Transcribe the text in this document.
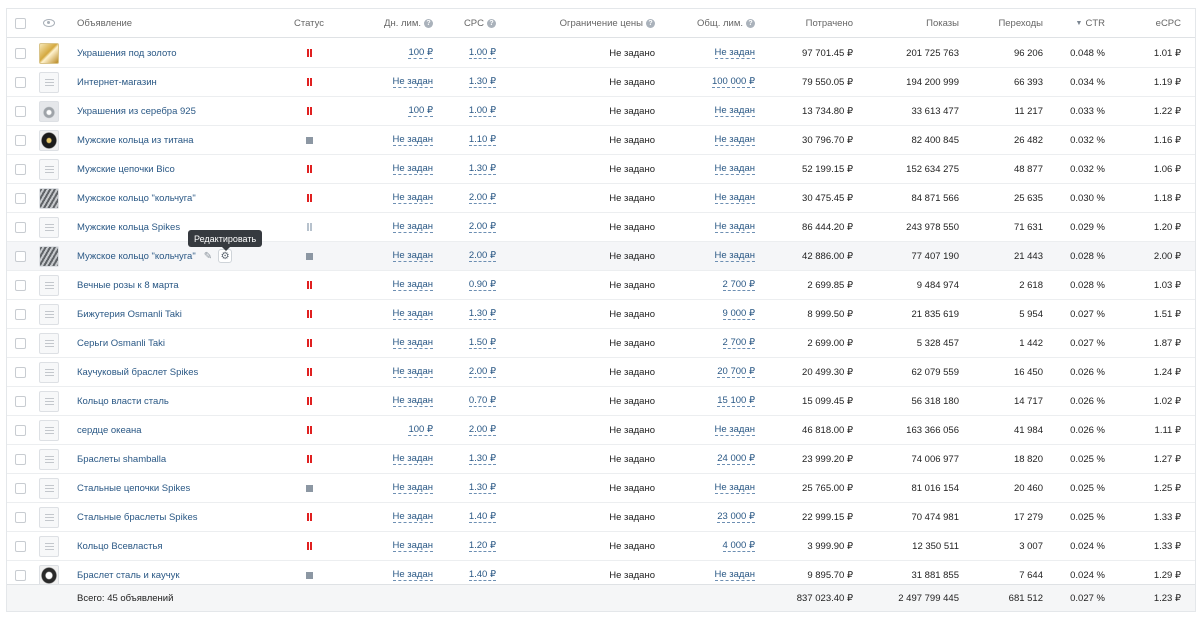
Объявление	Статус	Дн. лим. ?	CPC ?	Ограничение цены ?	Общ. лим. ?	Потрачено	Показы	Переходы	▼ CTR	eCPC
Украшения под золото	100 ₽	1.00 ₽	Не задано	Не задан	97 701.45 ₽	201 725 763	96 206	0.048 %	1.01 ₽
Интернет-магазин	Не задан	1.30 ₽	Не задано	100 000 ₽	79 550.05 ₽	194 200 999	66 393	0.034 %	1.19 ₽
Украшения из серебра 925	100 ₽	1.00 ₽	Не задано	Не задан	13 734.80 ₽	33 613 477	11 217	0.033 %	1.22 ₽
Мужские кольца из титана	Не задан	1.10 ₽	Не задано	Не задан	30 796.70 ₽	82 400 845	26 482	0.032 %	1.16 ₽
Мужские цепочки Bico	Не задан	1.30 ₽	Не задано	Не задан	52 199.15 ₽	152 634 275	48 877	0.032 %	1.06 ₽
Мужское кольцо "кольчуга"	Не задан	2.00 ₽	Не задано	Не задан	30 475.45 ₽	84 871 566	25 635	0.030 %	1.18 ₽
Мужские кольца Spikes	Не задан	2.00 ₽	Не задано	Не задан	86 444.20 ₽	243 978 550	71 631	0.029 %	1.20 ₽
Мужское кольцо "кольчуга" ✎ ⚙	Не задан	2.00 ₽	Не задано	Не задан	42 886.00 ₽	77 407 190	21 443	0.028 %	2.00 ₽
Вечные розы к 8 марта	Не задан	0.90 ₽	Не задано	2 700 ₽	2 699.85 ₽	9 484 974	2 618	0.028 %	1.03 ₽
Бижутерия Osmanli Taki	Не задан	1.30 ₽	Не задано	9 000 ₽	8 999.50 ₽	21 835 619	5 954	0.027 %	1.51 ₽
Серьги Osmanli Taki	Не задан	1.50 ₽	Не задано	2 700 ₽	2 699.00 ₽	5 328 457	1 442	0.027 %	1.87 ₽
Каучуковый браслет Spikes	Не задан	2.00 ₽	Не задано	20 700 ₽	20 499.30 ₽	62 079 559	16 450	0.026 %	1.24 ₽
Кольцо власти сталь	Не задан	0.70 ₽	Не задано	15 100 ₽	15 099.45 ₽	56 318 180	14 717	0.026 %	1.02 ₽
сердце океана	100 ₽	2.00 ₽	Не задано	Не задан	46 818.00 ₽	163 366 056	41 984	0.026 %	1.11 ₽
Браслеты shamballa	Не задан	1.30 ₽	Не задано	24 000 ₽	23 999.20 ₽	74 006 977	18 820	0.025 %	1.27 ₽
Стальные цепочки Spikes	Не задан	1.30 ₽	Не задано	Не задан	25 765.00 ₽	81 016 154	20 460	0.025 %	1.25 ₽
Стальные браслеты Spikes	Не задан	1.40 ₽	Не задано	23 000 ₽	22 999.15 ₽	70 474 981	17 279	0.025 %	1.33 ₽
Кольцо Всевластья	Не задан	1.20 ₽	Не задано	4 000 ₽	3 999.90 ₽	12 350 511	3 007	0.024 %	1.33 ₽
Браслет сталь и каучук	Не задан	1.40 ₽	Не задано	Не задан	9 895.70 ₽	31 881 855	7 644	0.024 %	1.29 ₽
Редактировать
Всего: 45 объявлений	837 023.40 ₽	2 497 799 445	681 512	0.027 %	1.23 ₽
